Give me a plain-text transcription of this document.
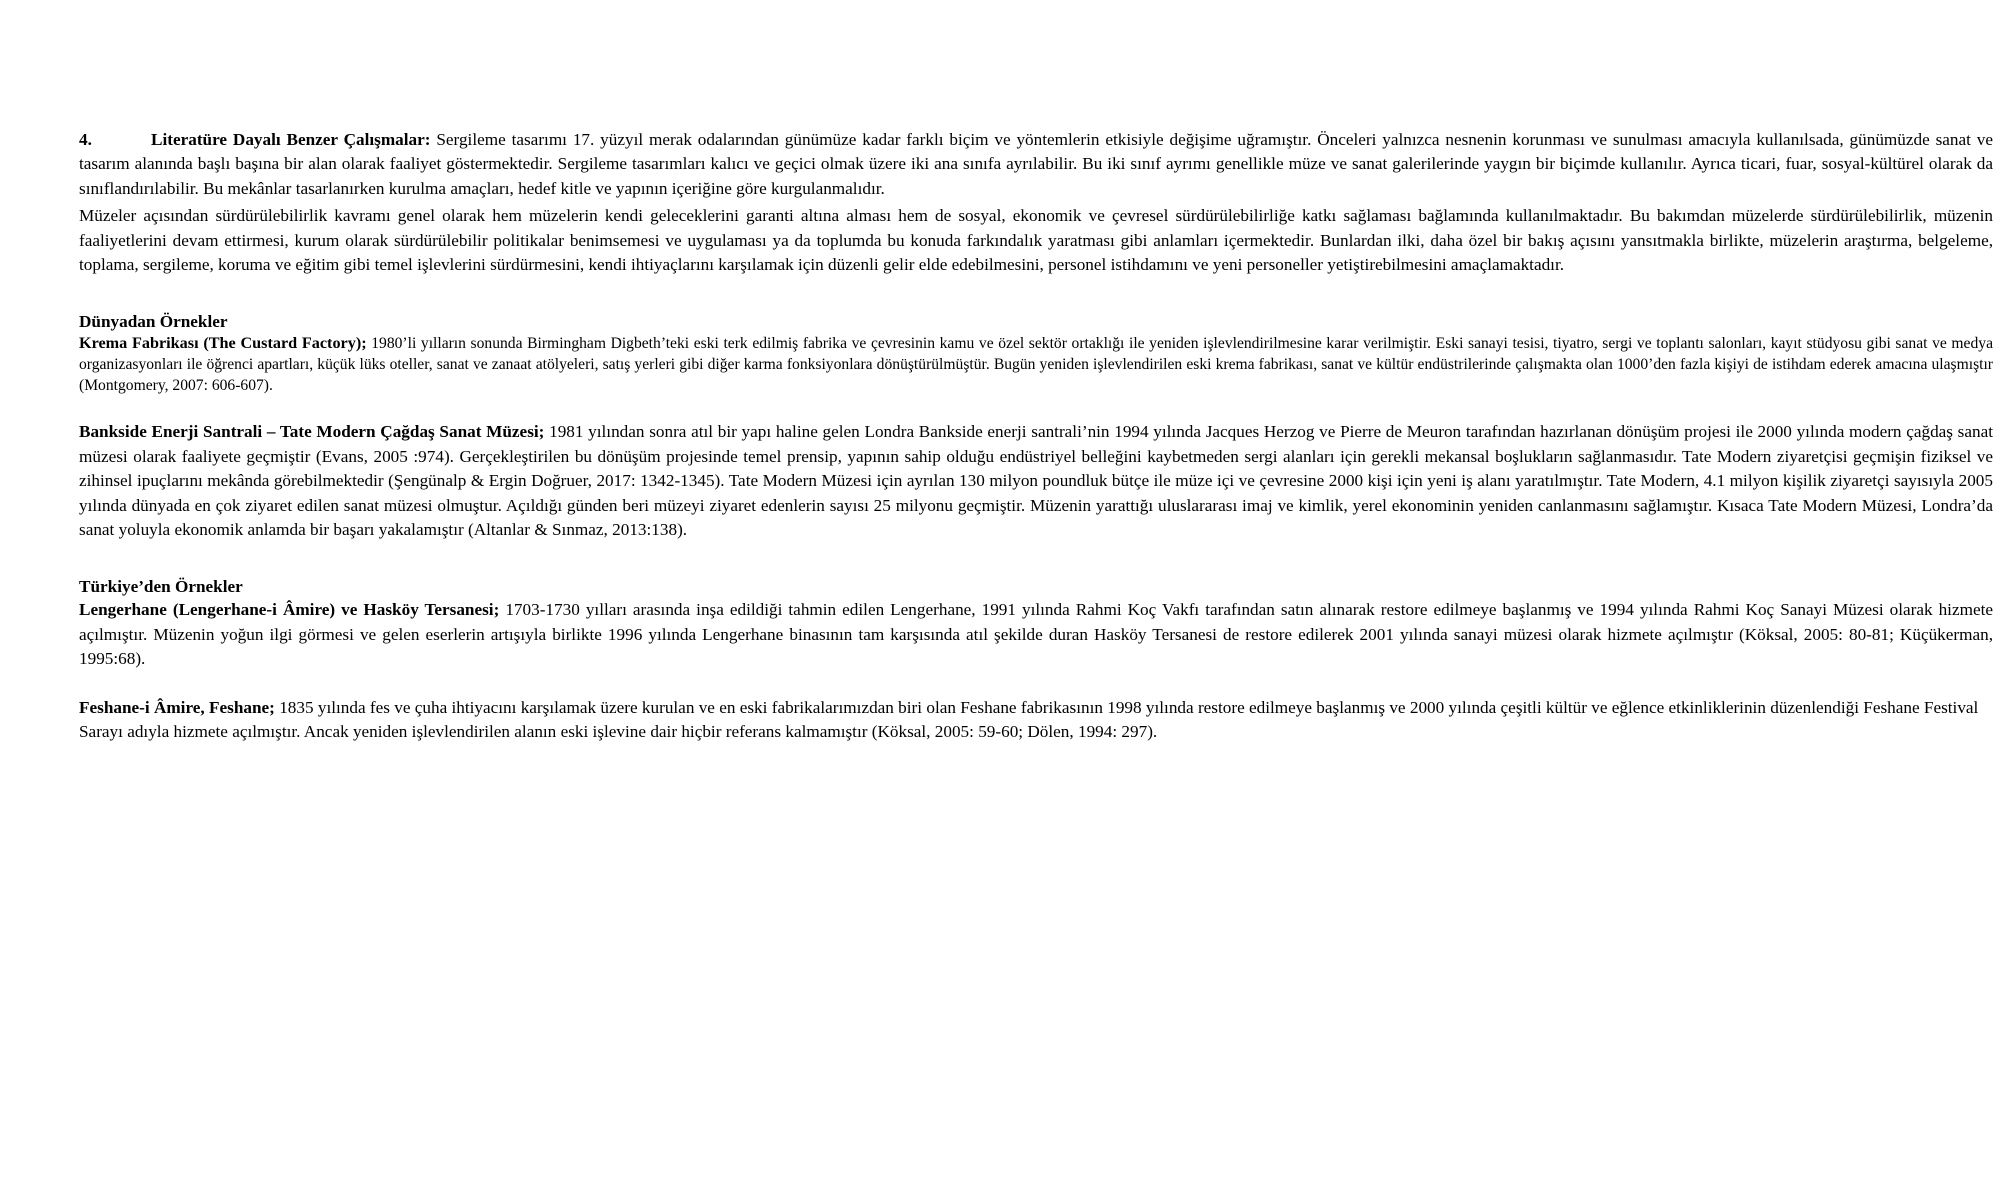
4.	Literatüre Dayalı Benzer Çalışmalar: Sergileme tasarımı 17. yüzyıl merak odalarından günümüze kadar farklı biçim ve yöntemlerin etkisiyle değişime uğramıştır. Önceleri yalnızca nesnenin korunması ve sunulması amacıyla kullanılsada, günümüzde sanat ve tasarım alanında başlı başına bir alan olarak faaliyet göstermektedir. Sergileme tasarımları kalıcı ve geçici olmak üzere iki ana sınıfa ayrılabilir. Bu iki sınıf ayrımı genellikle müze ve sanat galerilerinde yaygın bir biçimde kullanılır. Ayrıca ticari, fuar, sosyal-kültürel olarak da sınıflandırılabilir. Bu mekânlar tasarlanırken kurulma amaçları, hedef kitle ve yapının içeriğine göre kurgulanmalıdır.

Müzeler açısından sürdürülebilirlik kavramı genel olarak hem müzelerin kendi geleceklerini garanti altına alması hem de sosyal, ekonomik ve çevresel sürdürülebilirliğe katkı sağlaması bağlamında kullanılmaktadır. Bu bakımdan müzelerde sürdürülebilirlik, müzenin faaliyetlerini devam ettirmesi, kurum olarak sürdürülebilir politikalar benimsemesi ve uygulaması ya da toplumda bu konuda farkındalık yaratması gibi anlamları içermektedir. Bunlardan ilki, daha özel bir bakış açısını yansıtmakla birlikte, müzelerin araştırma, belgeleme, toplama, sergileme, koruma ve eğitim gibi temel işlevlerini sürdürmesini, kendi ihtiyaçlarını karşılamak için düzenli gelir elde edebilmesini, personel istihdamını ve yeni personeller yetiştirebilmesini amaçlamaktadır.

Dünyadan Örnekler

Krema Fabrikası (The Custard Factory); 1980’li yılların sonunda Birmingham Digbeth’teki eski terk edilmiş fabrika ve çevresinin kamu ve özel sektör ortaklığı ile yeniden işlevlendirilmesine karar verilmiştir. Eski sanayi tesisi, tiyatro, sergi ve toplantı salonları, kayıt stüdyosu gibi sanat ve medya organizasyonları ile öğrenci apartları, küçük lüks oteller, sanat ve zanaat atölyeleri, satış yerleri gibi diğer karma fonksiyonlara dönüştürülmüştür. Bugün yeniden işlevlendirilen eski krema fabrikası, sanat ve kültür endüstrilerinde çalışmakta olan 1000’den fazla kişiyi de istihdam ederek amacına ulaşmıştır (Montgomery, 2007: 606-607).

Bankside Enerji Santrali – Tate Modern Çağdaş Sanat Müzesi; 1981 yılından sonra atıl bir yapı haline gelen Londra Bankside enerji santrali’nin 1994 yılında Jacques Herzog ve Pierre de Meuron tarafından hazırlanan dönüşüm projesi ile 2000 yılında modern çağdaş sanat müzesi olarak faaliyete geçmiştir (Evans, 2005 :974). Gerçekleştirilen bu dönüşüm projesinde temel prensip, yapının sahip olduğu endüstriyel belleğini kaybetmeden sergi alanları için gerekli mekansal boşlukların sağlanmasıdır. Tate Modern ziyaretçisi geçmişin fiziksel ve zihinsel ipuçlarını mekânda görebilmektedir (Şengünalp & Ergin Doğruer, 2017: 1342-1345). Tate Modern Müzesi için ayrılan 130 milyon poundluk bütçe ile müze içi ve çevresine 2000 kişi için yeni iş alanı yaratılmıştır. Tate Modern, 4.1 milyon kişilik ziyaretçi sayısıyla 2005 yılında dünyada en çok ziyaret edilen sanat müzesi olmuştur. Açıldığı günden beri müzeyi ziyaret edenlerin sayısı 25 milyonu geçmiştir. Müzenin yarattığı uluslararası imaj ve kimlik, yerel ekonominin yeniden canlanmasını sağlamıştır. Kısaca Tate Modern Müzesi, Londra’da sanat yoluyla ekonomik anlamda bir başarı yakalamıştır (Altanlar & Sınmaz, 2013:138).

Türkiye’den Örnekler

Lengerhane (Lengerhane-i Âmire) ve Hasköy Tersanesi; 1703-1730 yılları arasında inşa edildiği tahmin edilen Lengerhane, 1991 yılında Rahmi Koç Vakfı tarafından satın alınarak restore edilmeye başlanmış ve 1994 yılında Rahmi Koç Sanayi Müzesi olarak hizmete açılmıştır. Müzenin yoğun ilgi görmesi ve gelen eserlerin artışıyla birlikte 1996 yılında Lengerhane binasının tam karşısında atıl şekilde duran Hasköy Tersanesi de restore edilerek 2001 yılında sanayi müzesi olarak hizmete açılmıştır (Köksal, 2005: 80-81; Küçükerman, 1995:68).

Feshane-i Âmire, Feshane; 1835 yılında fes ve çuha ihtiyacını karşılamak üzere kurulan ve en eski fabrikalarımızdan biri olan Feshane fabrikasının 1998 yılında restore edilmeye başlanmış ve 2000 yılında çeşitli kültür ve eğlence etkinliklerinin düzenlendiği Feshane Festival Sarayı adıyla hizmete açılmıştır. Ancak yeniden işlevlendirilen alanın eski işlevine dair hiçbir referans kalmamıştır (Köksal, 2005: 59-60; Dölen, 1994: 297).
